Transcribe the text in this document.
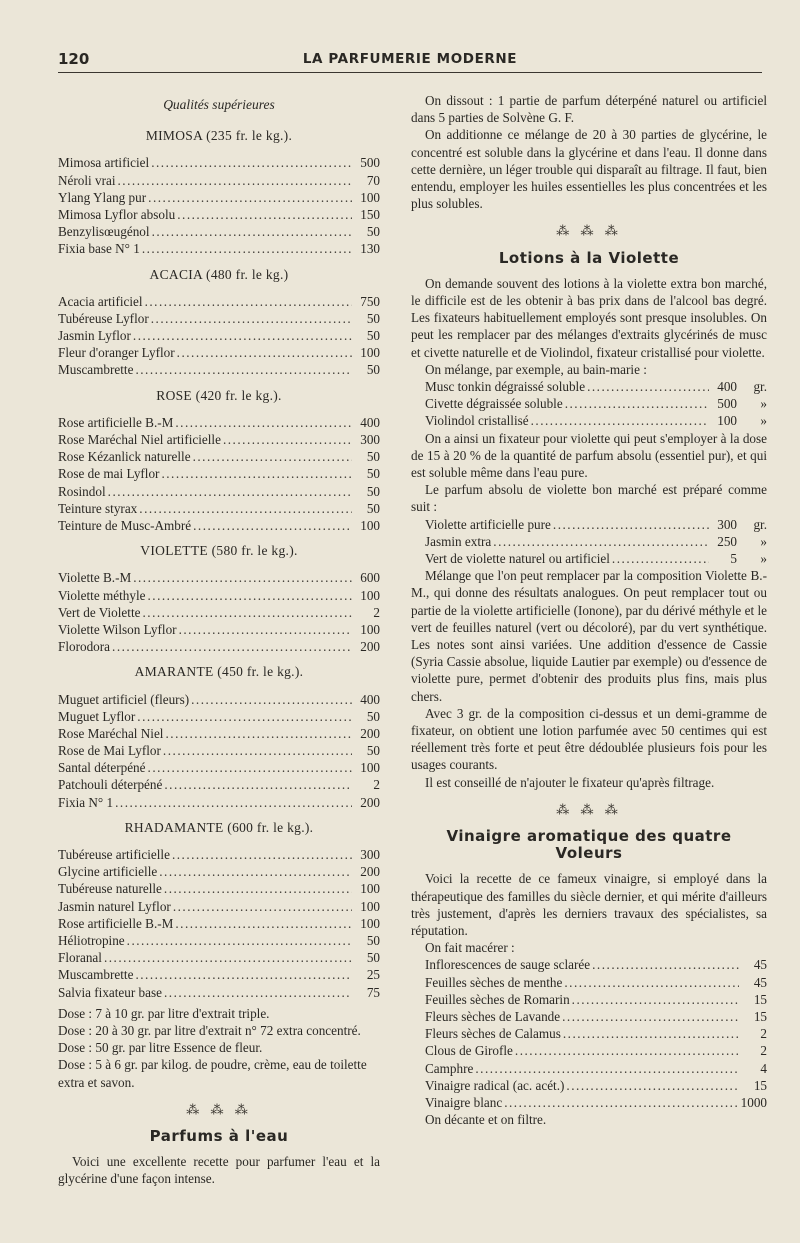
120	LA PARFUMERIE MODERNE
Qualités supérieures
MIMOSA (235 fr. le kg.).
Mimosa artificiel .....	500
Néroli vrai .....	70
Ylang Ylang pur .....	100
Mimosa Lyflor absolu .....	150
Benzylisœugénol .....	50
Fixia base N° 1 .....	130
ACACIA (480 fr. le kg.)
Acacia artificiel .....	750
Tubéreuse Lyflor .....	50
Jasmin Lyflor .....	50
Fleur d'oranger Lyflor .....	100
Muscambrette .....	50
ROSE (420 fr. le kg.).
Rose artificielle B.-M .....	400
Rose Maréchal Niel artificielle .....	300
Rose Kézanlick naturelle .....	50
Rose de mai Lyflor .....	50
Rosindol .....	50
Teinture styrax .....	50
Teinture de Musc-Ambré .....	100
VIOLETTE (580 fr. le kg.).
Violette B.-M .....	600
Violette méthyle .....	100
Vert de Violette .....	2
Violette Wilson Lyflor .....	100
Florodora .....	200
AMARANTE (450 fr. le kg.).
Muguet artificiel (fleurs) .....	400
Muguet Lyflor .....	50
Rose Maréchal Niel .....	200
Rose de Mai Lyflor .....	50
Santal déterpéné .....	100
Patchouli déterpéné .....	2
Fixia N° 1 .....	200
RHADAMANTE (600 fr. le kg.).
Tubéreuse artificielle .....	300
Glycine artificielle .....	200
Tubéreuse naturelle .....	100
Jasmin naturel Lyflor .....	100
Rose artificielle B.-M .....	100
Héliotropine .....	50
Floranal .....	50
Muscambrette .....	25
Salvia fixateur base .....	75

Dose : 7 à 10 gr. par litre d'extrait triple.

Dose : 20 à 30 gr. par litre d'extrait n° 72 extra concentré.

Dose : 50 gr. par litre Essence de fleur.

Dose : 5 à 6 gr. par kilog. de poudre, crème, eau de toilette extra et savon.

⁂ ⁂ ⁂
Parfums à l'eau

Voici une excellente recette pour parfumer l'eau et la glycérine d'une façon intense.

On dissout : 1 partie de parfum déterpéné naturel ou artificiel dans 5 parties de Solvène G. F.

On additionne ce mélange de 20 à 30 parties de glycérine, le concentré est soluble dans la glycérine et dans l'eau. Il donne dans cette dernière, un léger trouble qui disparaît au filtrage. Il faut, bien entendu, employer les huiles essentielles les plus concentrées et les plus solubles.

⁂ ⁂ ⁂
Lotions à la Violette

On demande souvent des lotions à la violette extra bon marché, le difficile est de les obtenir à bas prix dans de l'alcool bas degré. Les fixateurs habituellement employés sont presque insolubles. On peut les remplacer par des mélanges d'extraits glycérinés de musc et civette naturelle et de Violindol, fixateur cristallisé pour violette.

On mélange, par exemple, au bain-marie :

Musc tonkin dégraissé soluble .....	400	gr.
Civette dégraissée soluble .....	500	»
Violindol cristallisé .....	100	»

On a ainsi un fixateur pour violette qui peut s'employer à la dose de 15 à 20 % de la quantité de parfum absolu (essentiel pur), et qui est soluble même dans l'eau pure.

Le parfum absolu de violette bon marché est préparé comme suit :

Violette artificielle pure .....	300	gr.
Jasmin extra .....	250	»
Vert de violette naturel ou artificiel .....	5	»

Mélange que l'on peut remplacer par la composition Violette B.-M., qui donne des résultats analogues. On peut remplacer tout ou partie de la violette artificielle (Ionone), par du dérivé méthyle et le vert de feuilles naturel (vert ou décoloré), par du vert synthétique. Les notes sont ainsi variées. Une addition d'essence de Cassie (Syria Cassie absolue, liquide Lautier par exemple) ou d'essence de violette pure, permet d'obtenir des produits plus fins, mais plus chers.

Avec 3 gr. de la composition ci-dessus et un demi-gramme de fixateur, on obtient une lotion parfumée avec 50 centimes qui est réellement très forte et peut être dédoublée plusieurs fois pour les usages courants.

Il est conseillé de n'ajouter le fixateur qu'après filtrage.

⁂ ⁂ ⁂
Vinaigre aromatique des quatre Voleurs

Voici la recette de ce fameux vinaigre, si employé dans la thérapeutique des familles du siècle dernier, et qui mérite d'ailleurs très justement, d'après les derniers travaux des spécialistes, sa réputation.

On fait macérer :

Inflorescences de sauge sclarée .....	45
Feuilles sèches de menthe .....	45
Feuilles sèches de Romarin .....	15
Fleurs sèches de Lavande .....	15
Fleurs sèches de Calamus .....	2
Clous de Girofle .....	2
Camphre .....	4
Vinaigre radical (ac. acét.) .....	15
Vinaigre blanc .....	1000

On décante et on filtre.
